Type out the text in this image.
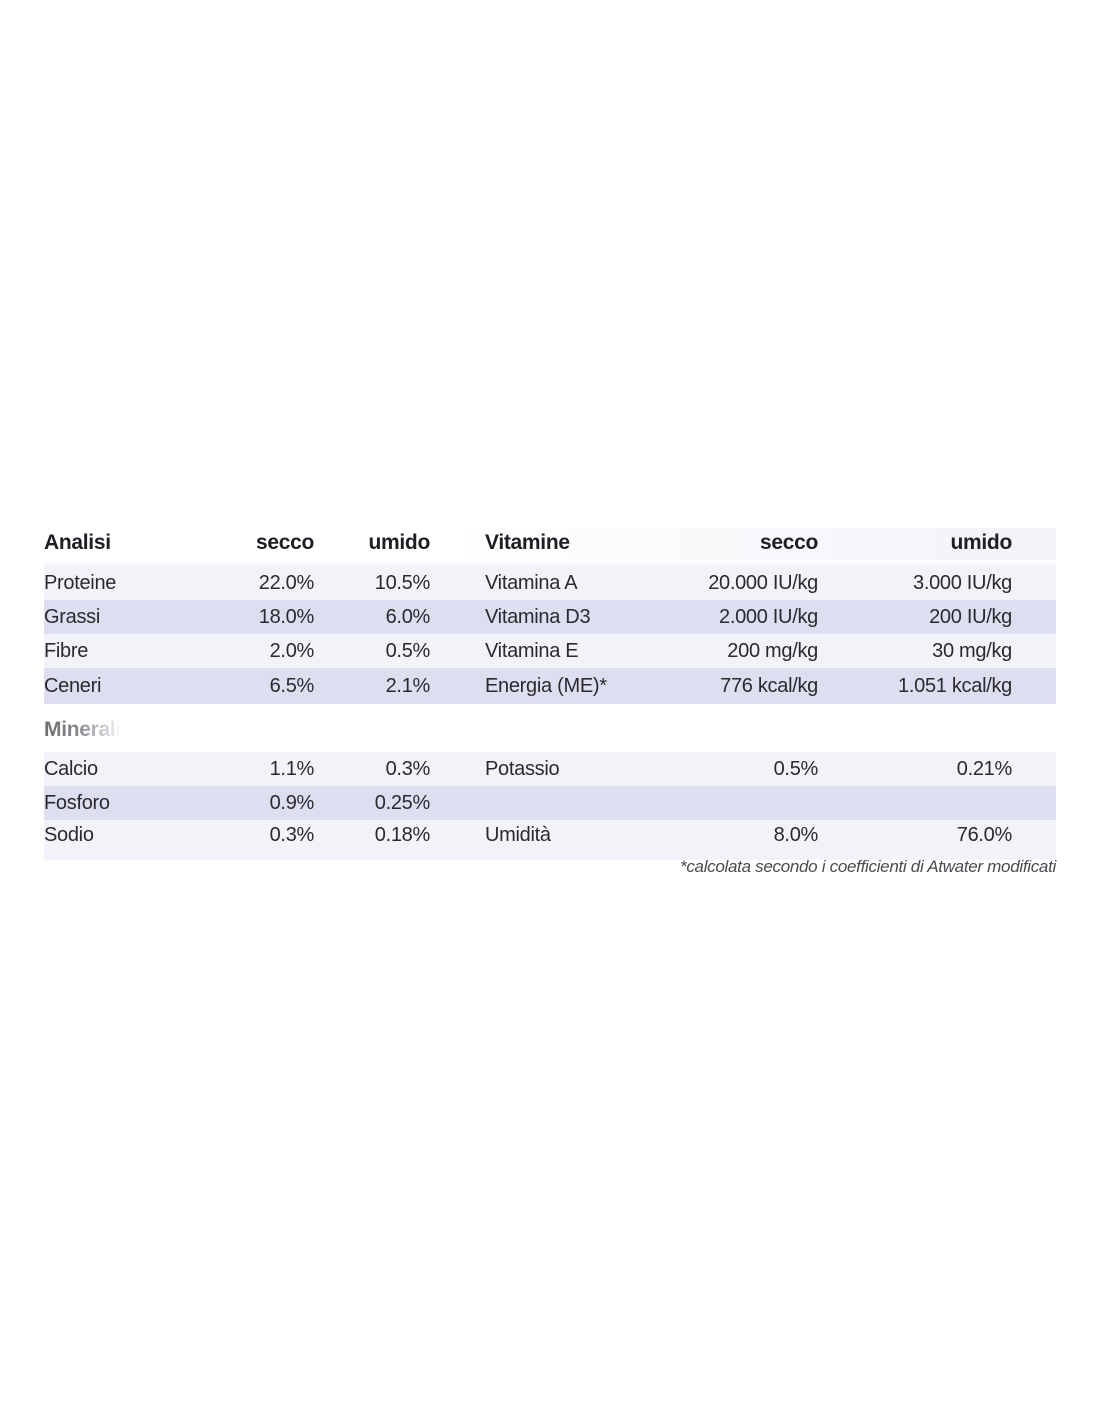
Analisi	secco	umido	Vitamine	secco	umido
Proteine	22.0%	10.5%	Vitamina A	20.000 IU/kg	3.000 IU/kg
Grassi	18.0%	6.0%	Vitamina D3	2.000 IU/kg	200 IU/kg
Fibre	2.0%	0.5%	Vitamina E	200 mg/kg	30 mg/kg
Ceneri	6.5%	2.1%	Energia (ME)*	776 kcal/kg	1.051 kcal/kg
Minerali
Calcio	1.1%	0.3%	Potassio	0.5%	0.21%
Fosforo	0.9%	0.25%
Sodio	0.3%	0.18%	Umidità	8.0%	76.0%
*calcolata secondo i coefficienti di Atwater modificati
